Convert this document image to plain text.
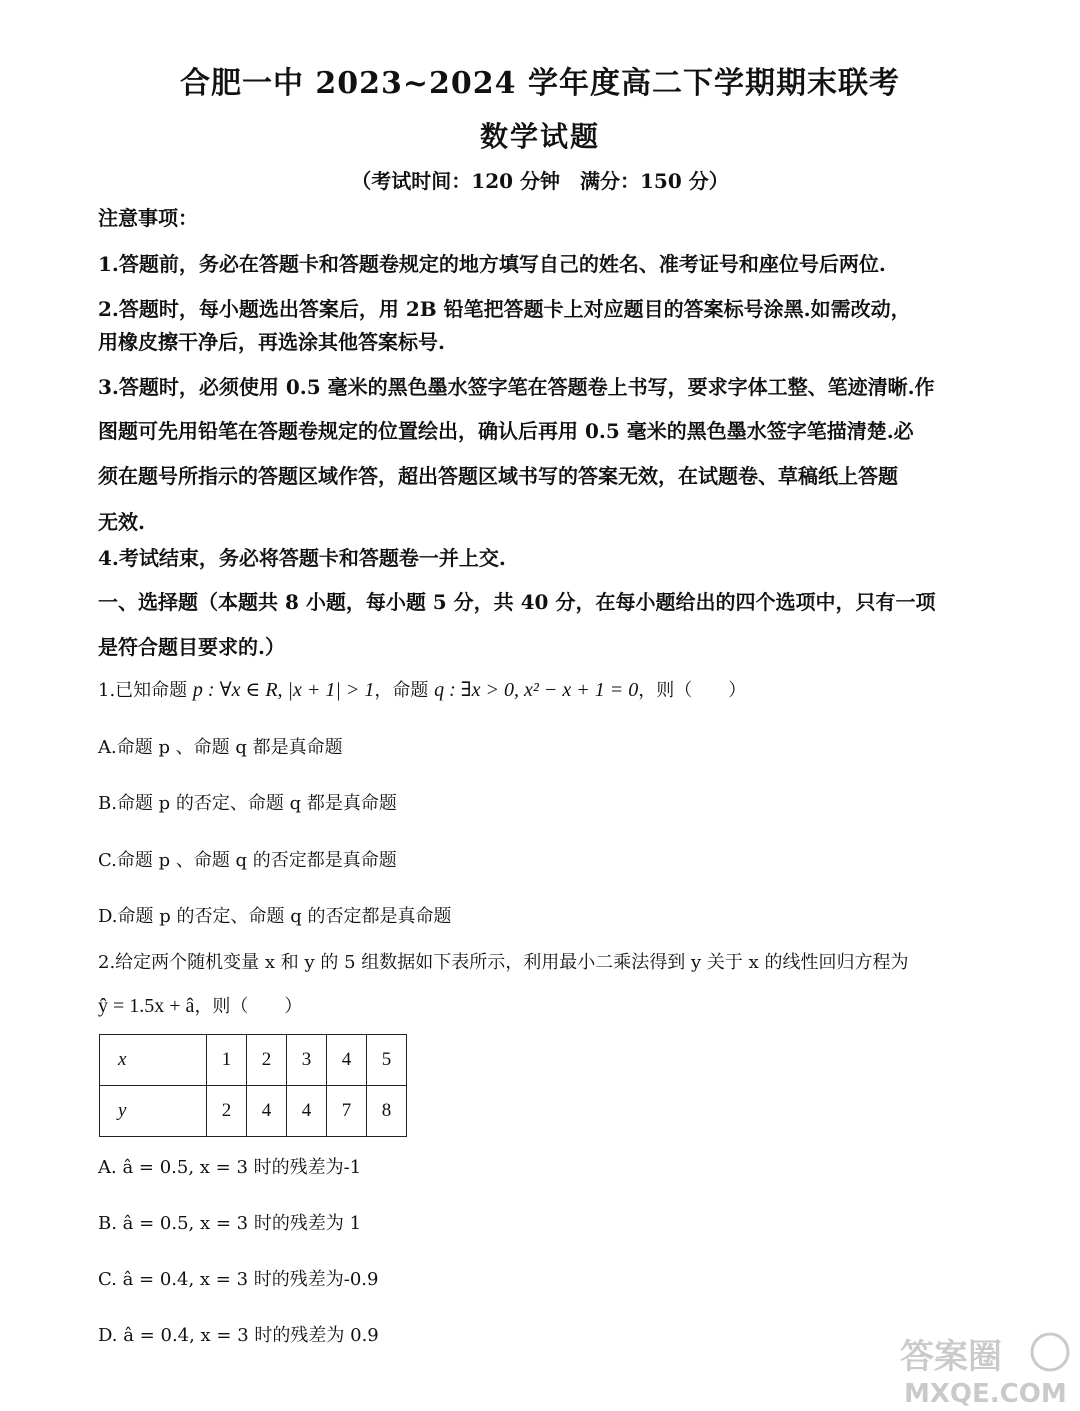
合肥一中 2023~2024 学年度高二下学期期末联考
数学试题
（考试时间：120 分钟　满分：150 分）
注意事项：
1.答题前，务必在答题卡和答题卷规定的地方填写自己的姓名、准考证号和座位号后两位.
2.答题时，每小题选出答案后，用 2B 铅笔把答题卡上对应题目的答案标号涂黑.如需改动，
用橡皮擦干净后，再选涂其他答案标号.
3.答题时，必须使用 0.5 毫米的黑色墨水签字笔在答题卷上书写，要求字体工整、笔迹清晰.作
图题可先用铅笔在答题卷规定的位置绘出，确认后再用 0.5 毫米的黑色墨水签字笔描清楚.必
须在题号所指示的答题区域作答，超出答题区域书写的答案无效，在试题卷、草稿纸上答题
无效.
4.考试结束，务必将答题卡和答题卷一并上交.
一、选择题（本题共 8 小题，每小题 5 分，共 40 分，在每小题给出的四个选项中，只有一项
是符合题目要求的.）
1.已知命题 p : ∀x ∈ R, |x + 1| > 1，命题 q : ∃x > 0, x² − x + 1 = 0，则（　　）
A.命题 p 、命题 q 都是真命题
B.命题 p 的否定、命题 q 都是真命题
C.命题 p 、命题 q 的否定都是真命题
D.命题 p 的否定、命题 q 的否定都是真命题
2.给定两个随机变量 x 和 y 的 5 组数据如下表所示，利用最小二乘法得到 y 关于 x 的线性回归方程为
ŷ = 1.5x + â，则（　　）
x	1	2	3	4	5
y	2	4	4	7	8
A. â = 0.5, x = 3 时的残差为-1
B. â = 0.5, x = 3 时的残差为 1
C. â = 0.4, x = 3 时的残差为-0.9
D. â = 0.4, x = 3 时的残差为 0.9
答案圈
MXQE.COM
